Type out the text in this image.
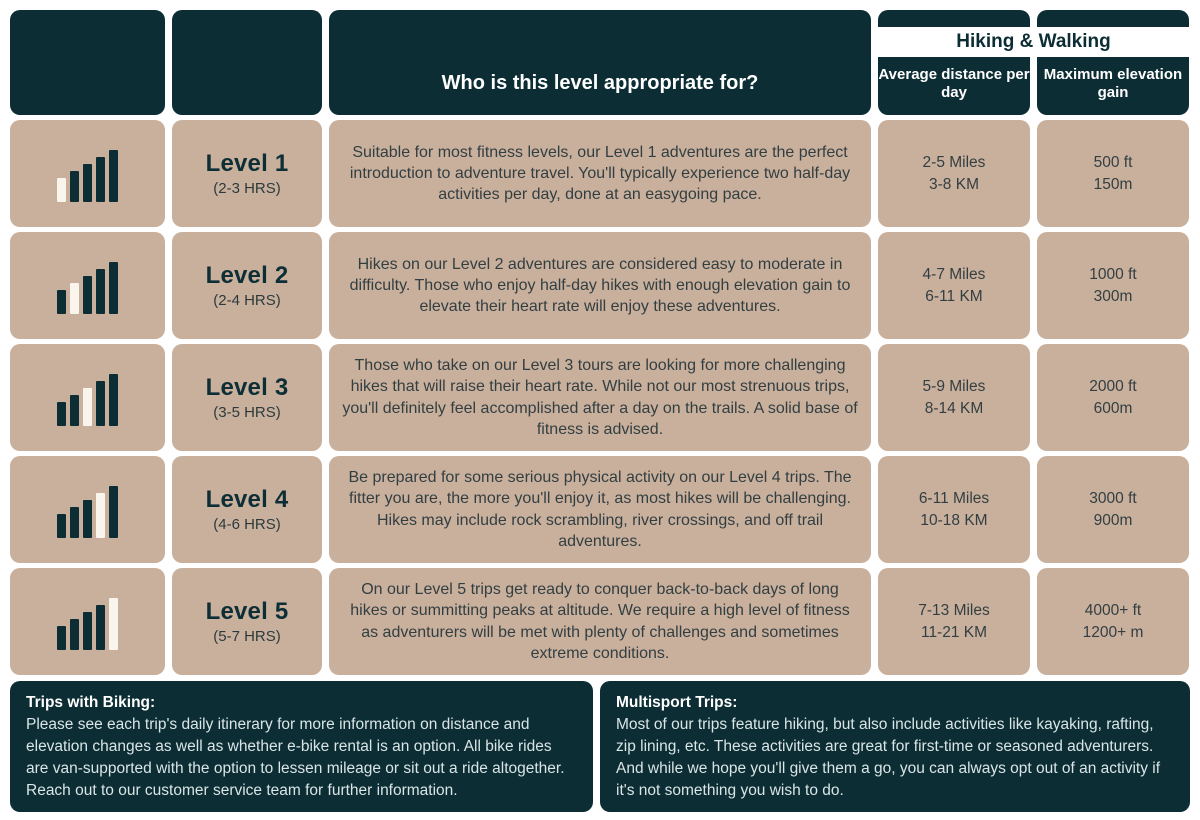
Hiking & Walking
Who is this level appropriate for?	Average distance per day
Maximum elevation gain
Level 1
(2-3 HRS)
Suitable for most fitness levels, our Level 1 adventures are the perfect introduction to adventure travel. You'll typically experience two half-day activities per day, done at an easygoing pace.
2-5 Miles
3-8 KM
500 ft
150m
Level 2
(2-4 HRS)
Hikes on our Level 2 adventures are considered easy to moderate in difficulty. Those who enjoy half-day hikes with enough elevation gain to elevate their heart rate will enjoy these adventures.
4-7 Miles
6-11 KM
1000 ft
300m
Level 3
(3-5 HRS)
Those who take on our Level 3 tours are looking for more challenging hikes that will raise their heart rate. While not our most strenuous trips, you'll definitely feel accomplished after a day on the trails. A solid base of fitness is advised.
5-9 Miles
8-14 KM
2000 ft
600m
Level 4
(4-6 HRS)
Be prepared for some serious physical activity on our Level 4 trips. The fitter you are, the more you'll enjoy it, as most hikes will be challenging. Hikes may include rock scrambling, river crossings, and off trail adventures.
6-11 Miles
10-18 KM
3000 ft
900m
Level 5
(5-7 HRS)
On our Level 5 trips get ready to conquer back-to-back days of long hikes or summitting peaks at altitude. We require a high level of fitness as adventurers will be met with plenty of challenges and sometimes extreme conditions.
7-13 Miles
11-21 KM
4000+ ft
1200+ m
Trips with Biking:
Please see each trip's daily itinerary for more information on distance and elevation changes as well as whether e-bike rental is an option. All bike rides are van-supported with the option to lessen mileage or sit out a ride altogether. Reach out to our customer service team for further information.
Multisport Trips:
Most of our trips feature hiking, but also include activities like kayaking, rafting, zip lining, etc. These activities are great for first-time or seasoned adventurers. And while we hope you'll give them a go, you can always opt out of an activity if it's not something you wish to do.
